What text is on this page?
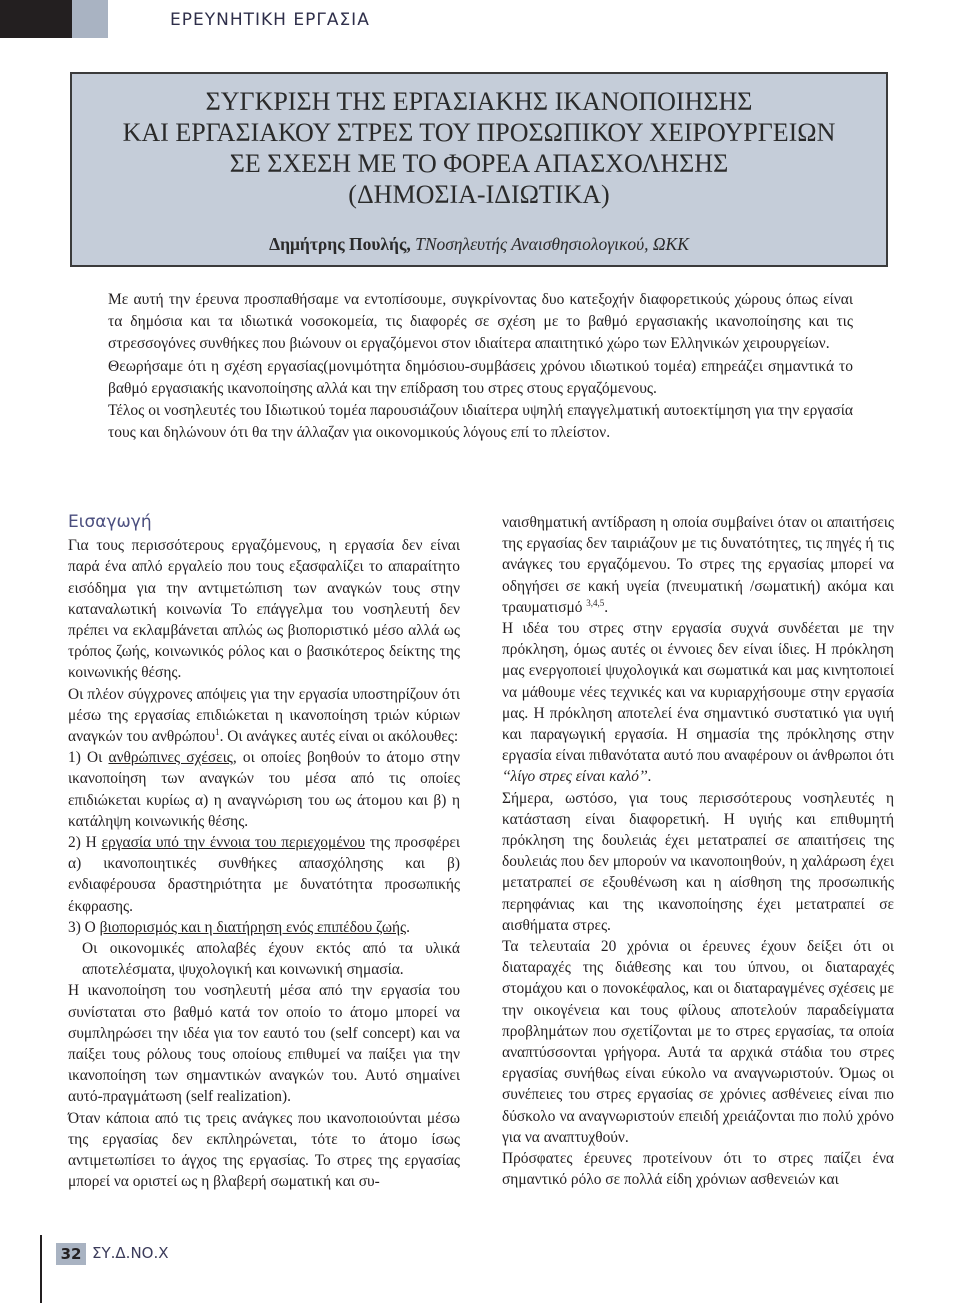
ΕΡΕΥΝΗΤΙΚΗ ΕΡΓΑΣΙΑ
ΣΥΓΚΡΙΣΗ ΤΗΣ ΕΡΓΑΣΙΑΚΗΣ ΙΚΑΝΟΠΟΙΗΣΗΣ
ΚΑΙ ΕΡΓΑΣΙΑΚΟΥ ΣΤΡΕΣ ΤΟΥ ΠΡΟΣΩΠΙΚΟΥ ΧΕΙΡΟΥΡΓΕΙΩΝ
ΣΕ ΣΧΕΣΗ ΜΕ ΤΟ ΦΟΡΕΑ ΑΠΑΣΧΟΛΗΣΗΣ
(ΔΗΜΟΣΙΑ-ΙΔΙΩΤΙΚΑ)
Δημήτρης Πουλής, ΤΝοσηλευτής Αναισθησιολογικού, ΩΚΚ

Με αυτή την έρευνα προσπαθήσαμε να εντοπίσουμε, συγκρίνοντας δυο κατεξοχήν διαφορετικούς χώρους όπως είναι τα δημόσια και τα ιδιωτικά νοσοκομεία, τις διαφορές σε σχέση με το βαθμό εργασιακής ικανοποίησης και τις στρεσσογόνες συνθήκες που βιώνουν οι εργαζόμενοι στον ιδιαίτερα απαιτητικό χώρο των Ελληνικών χειρουργείων.

Θεωρήσαμε ότι η σχέση εργασίας(μονιμότητα δημόσιου-συμβάσεις χρόνου ιδιωτικού τομέα) επηρεάζει σημαντικά το βαθμό εργασιακής ικανοποίησης αλλά και την επίδραση του στρες στους εργαζόμενους.

Τέλος οι νοσηλευτές του Ιδιωτικού τομέα παρουσιάζουν ιδιαίτερα υψηλή επαγγελματική αυτοεκτίμηση για την εργασία τους και δηλώνουν ότι θα την άλλαζαν για οικονομικούς λόγους επί το πλείστον.

Εισαγωγή

Για τους περισσότερους εργαζόμενους, η εργασία δεν είναι παρά ένα απλό εργαλείο που τους εξασφαλίζει το απαραίτητο εισόδημα για την αντιμετώπιση των αναγκών τους στην καταναλωτική κοινωνία Το επάγγελμα του νοσηλευτή δεν πρέπει να εκλαμβάνεται απλώς ως βιοποριστικό μέσο αλλά ως τρόπος ζωής, κοινωνικός ρόλος και ο βασικότερος δείκτης της κοινωνικής θέσης.

Οι πλέον σύγχρονες απόψεις για την εργασία υποστηρίζουν ότι μέσω της εργασίας επιδιώκεται η ικανοποίηση τριών κύριων αναγκών του ανθρώπου$^1$. Οι ανάγκες αυτές είναι οι ακόλουθες:

1) Οι ανθρώπινες σχέσεις, οι οποίες βοηθούν το άτομο στην ικανοποίηση των αναγκών του μέσα από τις οποίες επιδιώκεται κυρίως α) η αναγνώριση του ως άτομου και β) η κατάληψη κοινωνικής θέσης.

2) Η εργασία υπό την έννοια του περιεχομένου της προσφέρει α) ικανοποιητικές συνθήκες απασχόλησης και β) ενδιαφέρουσα δραστηριότητα με δυνατότητα προσωπικής έκφρασης.

3) Ο βιοπορισμός και η διατήρηση ενός επιπέδου ζωής.

Οι οικονομικές απολαβές έχουν εκτός από τα υλικά αποτελέσματα, ψυχολογική και κοινωνική σημασία.

Η ικανοποίηση του νοσηλευτή μέσα από την εργασία του συνίσταται στο βαθμό κατά τον οποίο το άτομο μπορεί να συμπληρώσει την ιδέα για τον εαυτό του (self concept) και να παίξει τους ρόλους τους οποίους επιθυμεί να παίξει για την ικανοποίηση των σημαντικών αναγκών του. Αυτό σημαίνει αυτό-πραγμάτωση (self realization).

Όταν κάποια από τις τρεις ανάγκες που ικανοποιούνται μέσω της εργασίας δεν εκπληρώνεται, τότε το άτομο ίσως αντιμετωπίσει το άγχος της εργασίας. Το στρες της εργασίας μπορεί να οριστεί ως η βλαβερή σωματική και συ-

ναισθηματική αντίδραση η οποία συμβαίνει όταν οι απαιτήσεις της εργασίας δεν ταιριάζουν με τις δυνατότητες, τις πηγές ή τις ανάγκες του εργαζόμενου. Το στρες της εργασίας μπορεί να οδηγήσει σε κακή υγεία (πνευματική /σωματική) ακόμα και τραυματισμό $^{3,4,5}$.

Η ιδέα του στρες στην εργασία συχνά συνδέεται με την πρόκληση, όμως αυτές οι έννοιες δεν είναι ίδιες. Η πρόκληση μας ενεργοποιεί ψυχολογικά και σωματικά και μας κινητοποιεί να μάθουμε νέες τεχνικές και να κυριαρχήσουμε στην εργασία μας. Η πρόκληση αποτελεί ένα σημαντικό συστατικό για υγιή και παραγωγική εργασία. Η σημασία της πρόκλησης στην εργασία είναι πιθανότατα αυτό που αναφέρουν οι άνθρωποι ότι ‘‘λίγο στρες είναι καλό’’.

Σήμερα, ωστόσο, για τους περισσότερους νοσηλευτές η κατάσταση είναι διαφορετική. Η υγιής και επιθυμητή πρόκληση της δουλειάς έχει μετατραπεί σε απαιτήσεις της δουλειάς που δεν μπορούν να ικανοποιηθούν, η χαλάρωση έχει μετατραπεί σε εξουθένωση και η αίσθηση της προσωπικής περηφάνιας και της ικανοποίησης έχει μετατραπεί σε αισθήματα στρες.

Τα τελευταία 20 χρόνια οι έρευνες έχουν δείξει ότι οι διαταραχές της διάθεσης και του ύπνου, οι διαταραχές στομάχου και ο πονοκέφαλος, και οι διαταραγμένες σχέσεις με την οικογένεια και τους φίλους αποτελούν παραδείγματα προβλημάτων που σχετίζονται με το στρες εργασίας, τα οποία αναπτύσσονται γρήγορα. Αυτά τα αρχικά στάδια του στρες εργασίας συνήθως είναι εύκολο να αναγνωριστούν. Όμως οι συνέπειες του στρες εργασίας σε χρόνιες ασθένειες είναι πιο δύσκολο να αναγνωριστούν επειδή χρειάζονται πιο πολύ χρόνο για να αναπτυχθούν.

Πρόσφατες έρευνες προτείνουν ότι το στρες παίζει ένα σημαντικό ρόλο σε πολλά είδη χρόνιων ασθενειών και

32 ΣΥ.Δ.ΝΟ.Χ
